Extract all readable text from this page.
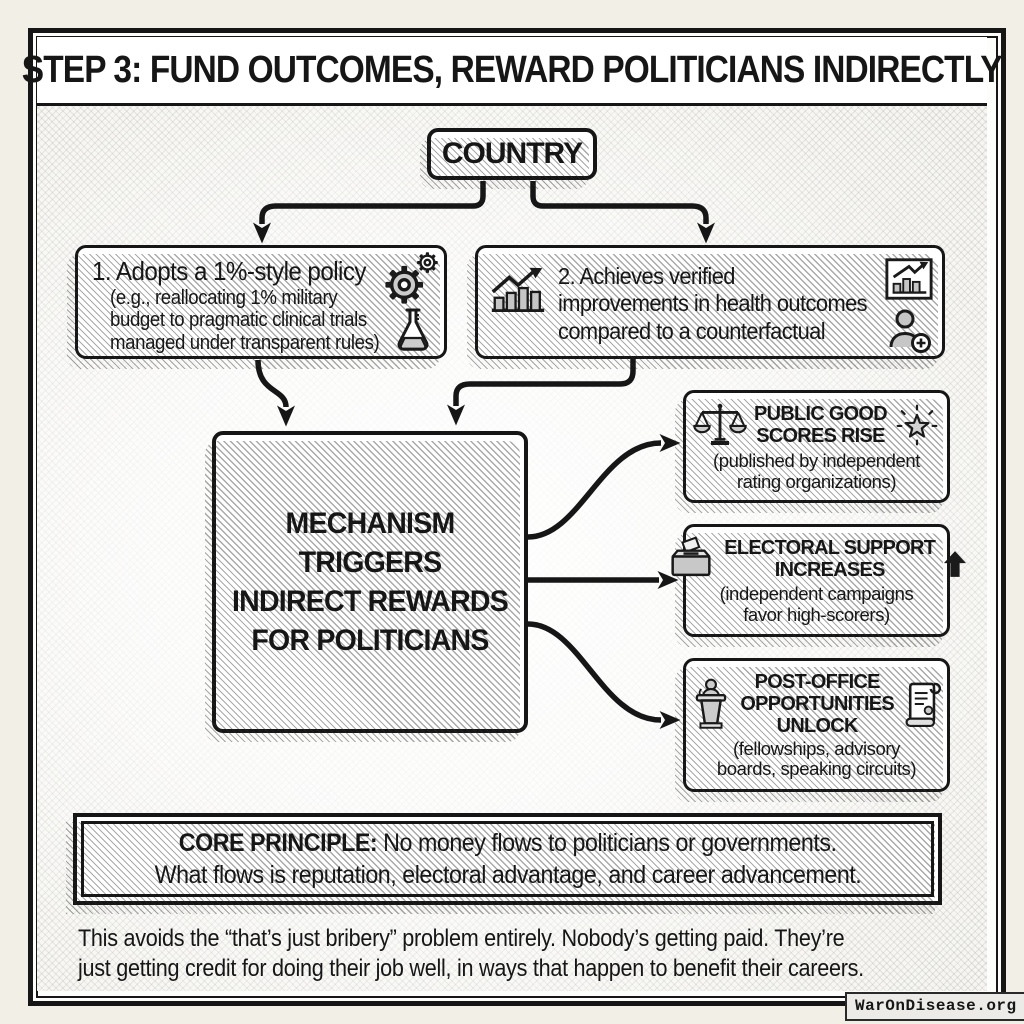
STEP 3: FUND OUTCOMES, REWARD POLITICIANS INDIRECTLY
COUNTRY
1. Adopts a 1%-style policy
(e.g., reallocating 1% military
budget to pragmatic clinical trials
managed under transparent rules)
2. Achieves verified
improvements in health outcomes
compared to a counterfactual
MECHANISM TRIGGERS
INDIRECT REWARDS
FOR POLITICIANS
PUBLIC GOOD
SCORES RISE
(published by independent
rating organizations)
ELECTORAL SUPPORT
INCREASES
(independent campaigns
favor high-scorers)
POST-OFFICE
OPPORTUNITIES
UNLOCK
(fellowships, advisory
boards, speaking circuits)
CORE PRINCIPLE: No money flows to politicians or governments.
What flows is reputation, electoral advantage, and career advancement.
This avoids the “that’s just bribery” problem entirely. Nobody’s getting paid. They’re
just getting credit for doing their job well, in ways that happen to benefit their careers.
WarOnDisease.org
